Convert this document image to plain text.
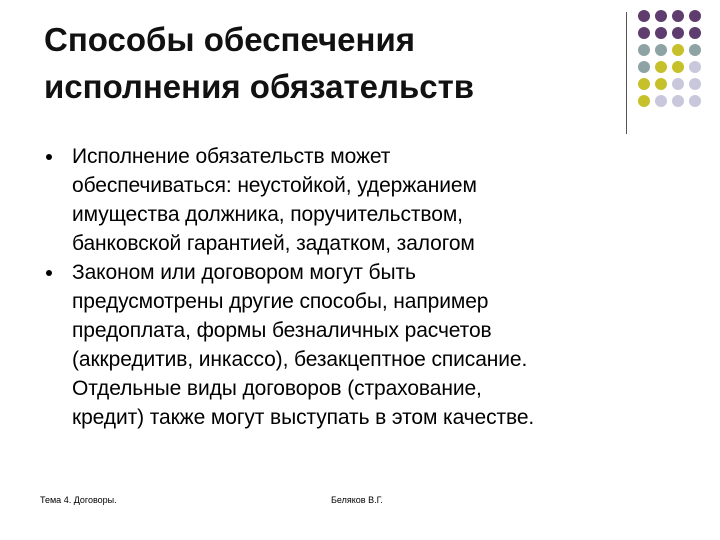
Способы обеспечения
исполнения обязательств
Исполнение обязательств может
обеспечиваться: неустойкой, удержанием
имущества должника, поручительством,
банковской гарантией, задатком, залогом
Законом или договором могут быть
предусмотрены другие способы, например
предоплата, формы безналичных расчетов
(аккредитив, инкассо), безакцептное списание.
Отдельные виды договоров (страхование,
кредит) также могут выступать в этом качестве.
Тема 4. Договоры.	Беляков В.Г.
